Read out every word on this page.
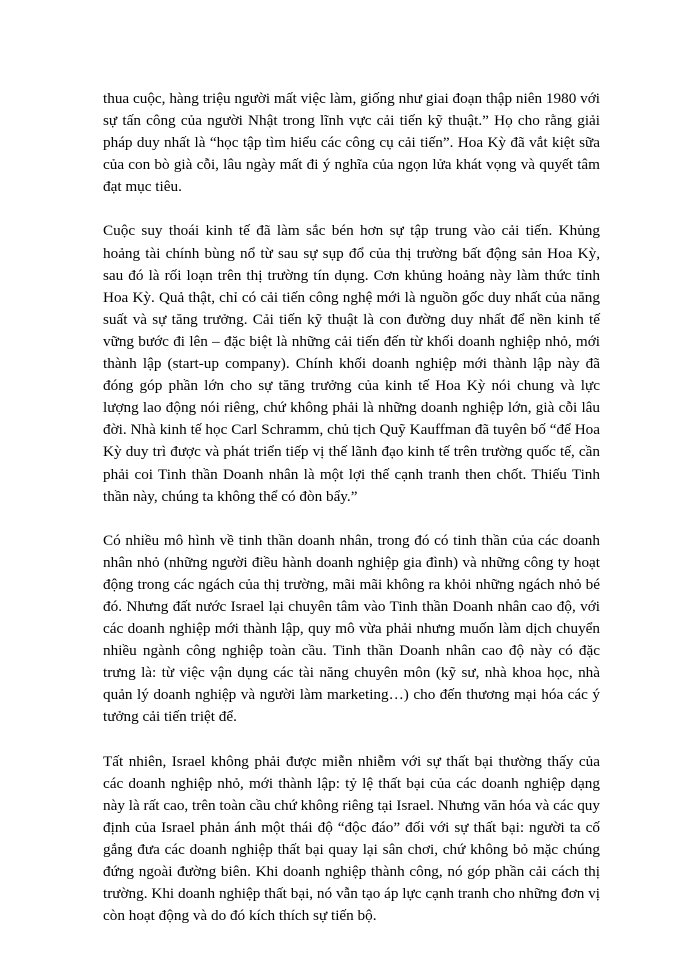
thua cuộc, hàng triệu người mất việc làm, giống như giai đoạn thập niên 1980 với sự tấn công của người Nhật trong lĩnh vực cải tiến kỹ thuật.” Họ cho rằng giải pháp duy nhất là “học tập tìm hiểu các công cụ cải tiến”. Hoa Kỳ đã vắt kiệt sữa của con bò già cỗi, lâu ngày mất đi ý nghĩa của ngọn lửa khát vọng và quyết tâm đạt mục tiêu.

Cuộc suy thoái kinh tế đã làm sắc bén hơn sự tập trung vào cải tiến. Khủng hoảng tài chính bùng nổ từ sau sự sụp đổ của thị trường bất động sản Hoa Kỳ, sau đó là rối loạn trên thị trường tín dụng. Cơn khủng hoảng này làm thức tỉnh Hoa Kỳ. Quả thật, chỉ có cải tiến công nghệ mới là nguồn gốc duy nhất của năng suất và sự tăng trưởng. Cải tiến kỹ thuật là con đường duy nhất để nền kinh tế vững bước đi lên – đặc biệt là những cải tiến đến từ khối doanh nghiệp nhỏ, mới thành lập (start-up company). Chính khối doanh nghiệp mới thành lập này đã đóng góp phần lớn cho sự tăng trưởng của kinh tế Hoa Kỳ nói chung và lực lượng lao động nói riêng, chứ không phải là những doanh nghiệp lớn, già cỗi lâu đời. Nhà kinh tế học Carl Schramm, chủ tịch Quỹ Kauffman đã tuyên bố “để Hoa Kỳ duy trì được và phát triển tiếp vị thế lãnh đạo kinh tế trên trường quốc tế, cần phải coi Tinh thần Doanh nhân là một lợi thế cạnh tranh then chốt. Thiếu Tinh thần này, chúng ta không thể có đòn bẩy.”

Có nhiều mô hình về tinh thần doanh nhân, trong đó có tinh thần của các doanh nhân nhỏ (những người điều hành doanh nghiệp gia đình) và những công ty hoạt động trong các ngách của thị trường, mãi mãi không ra khỏi những ngách nhỏ bé đó. Nhưng đất nước Israel lại chuyên tâm vào Tinh thần Doanh nhân cao độ, với các doanh nghiệp mới thành lập, quy mô vừa phải nhưng muốn làm dịch chuyển nhiều ngành công nghiệp toàn cầu. Tinh thần Doanh nhân cao độ này có đặc trưng là: từ việc vận dụng các tài năng chuyên môn (kỹ sư, nhà khoa học, nhà quản lý doanh nghiệp và người làm marketing…) cho đến thương mại hóa các ý tưởng cải tiến triệt để.

Tất nhiên, Israel không phải được miễn nhiễm với sự thất bại thường thấy của các doanh nghiệp nhỏ, mới thành lập: tỷ lệ thất bại của các doanh nghiệp dạng này là rất cao, trên toàn cầu chứ không riêng tại Israel. Nhưng văn hóa và các quy định của Israel phản ánh một thái độ “độc đáo” đối với sự thất bại: người ta cố gắng đưa các doanh nghiệp thất bại quay lại sân chơi, chứ không bỏ mặc chúng đứng ngoài đường biên. Khi doanh nghiệp thành công, nó góp phần cải cách thị trường. Khi doanh nghiệp thất bại, nó vẫn tạo áp lực cạnh tranh cho những đơn vị còn hoạt động và do đó kích thích sự tiến bộ.
